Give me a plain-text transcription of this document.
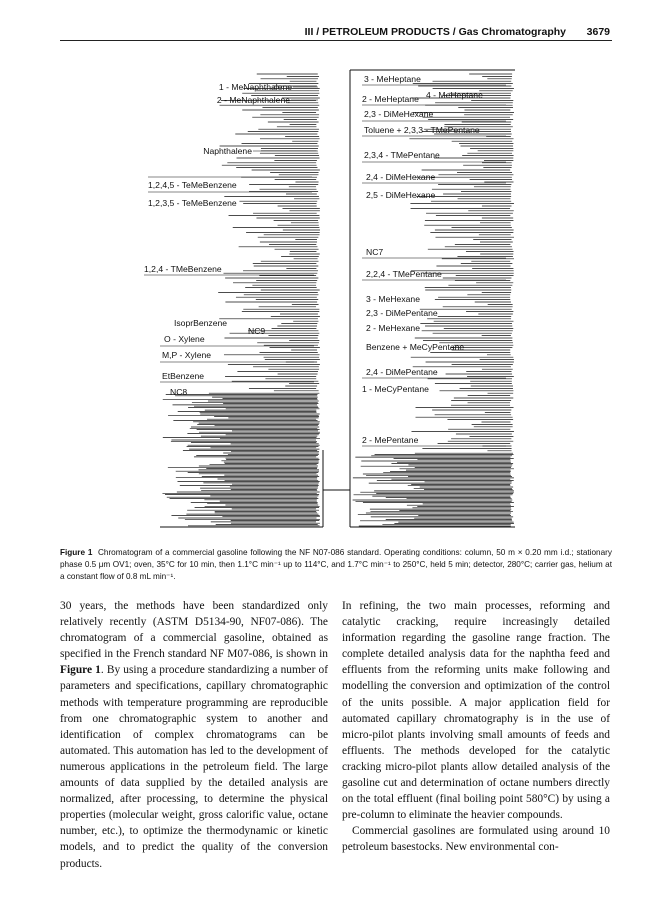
III / PETROLEUM PRODUCTS / Gas Chromatography 3679
1 - MeNaphthalene
2 - MeNaphthalene
Naphthalene
1,2,4,5 - TeMeBenzene
1,2,3,5 - TeMeBenzene
1,2,4 - TMeBenzene
IsoprBenzene
NC9
O - Xylene
M,P - Xylene
EtBenzene
NC8
3 - MeHeptane
4 - MeHeptane
2 - MeHeptane
2,3 - DiMeHexane
Toluene + 2,3,3 - TMePentane
2,3,4 - TMePentane
2,4 - DiMeHexane
2,5 - DiMeHexane
NC7
2,2,4 - TMePentane
3 - MeHexane
2,3 - DiMePentane
2 - MeHexane
Benzene + MeCyPentane
2,4 - DiMePentane
1 - MeCyPentane
2 - MePentane
Figure 1 Chromatogram of a commercial gasoline following the NF N07-086 standard. Operating conditions: column, 50 m × 0.20 mm i.d.; stationary phase 0.5 μm OV1; oven, 35°C for 10 min, then 1.1°C min⁻¹ up to 114°C, and 1.7°C min⁻¹ to 250°C, held 5 min; detector, 280°C; carrier gas, helium at a constant flow of 0.8 mL min⁻¹.

30 years, the methods have been standardized only relatively recently (ASTM D5134-90, NF07-086). The chromatogram of a commercial gasoline, obtained as specified in the French standard NF M07-086, is shown in Figure 1. By using a procedure standardizing a number of parameters and specifications, capillary chromatographic methods with temperature programming are reproducible from one chromatographic system to another and identification of complex chromatograms can be automated. This automation has led to the development of numerous applications in the petroleum field. The large amounts of data supplied by the detailed analysis are normalized, after processing, to determine the physical properties (molecular weight, gross calorific value, octane number, etc.), to optimize the thermodynamic or kinetic models, and to predict the quality of the conversion products.

In refining, the two main processes, reforming and catalytic cracking, require increasingly detailed information regarding the gasoline range fraction. The complete detailed analysis data for the naphtha feed and effluents from the reforming units make following and modelling the conversion and optimization of the control of the units possible. A major application field for automated capillary chromatography is in the use of micro-pilot plants involving small amounts of feeds and effluents. The methods developed for the catalytic cracking micro-pilot plants allow detailed analysis of the gasoline cut and determination of octane numbers directly on the total effluent (final boiling point 580°C) by using a pre-column to eliminate the heavier compounds.

Commercial gasolines are formulated using around 10 petroleum basestocks. New environmental con-
